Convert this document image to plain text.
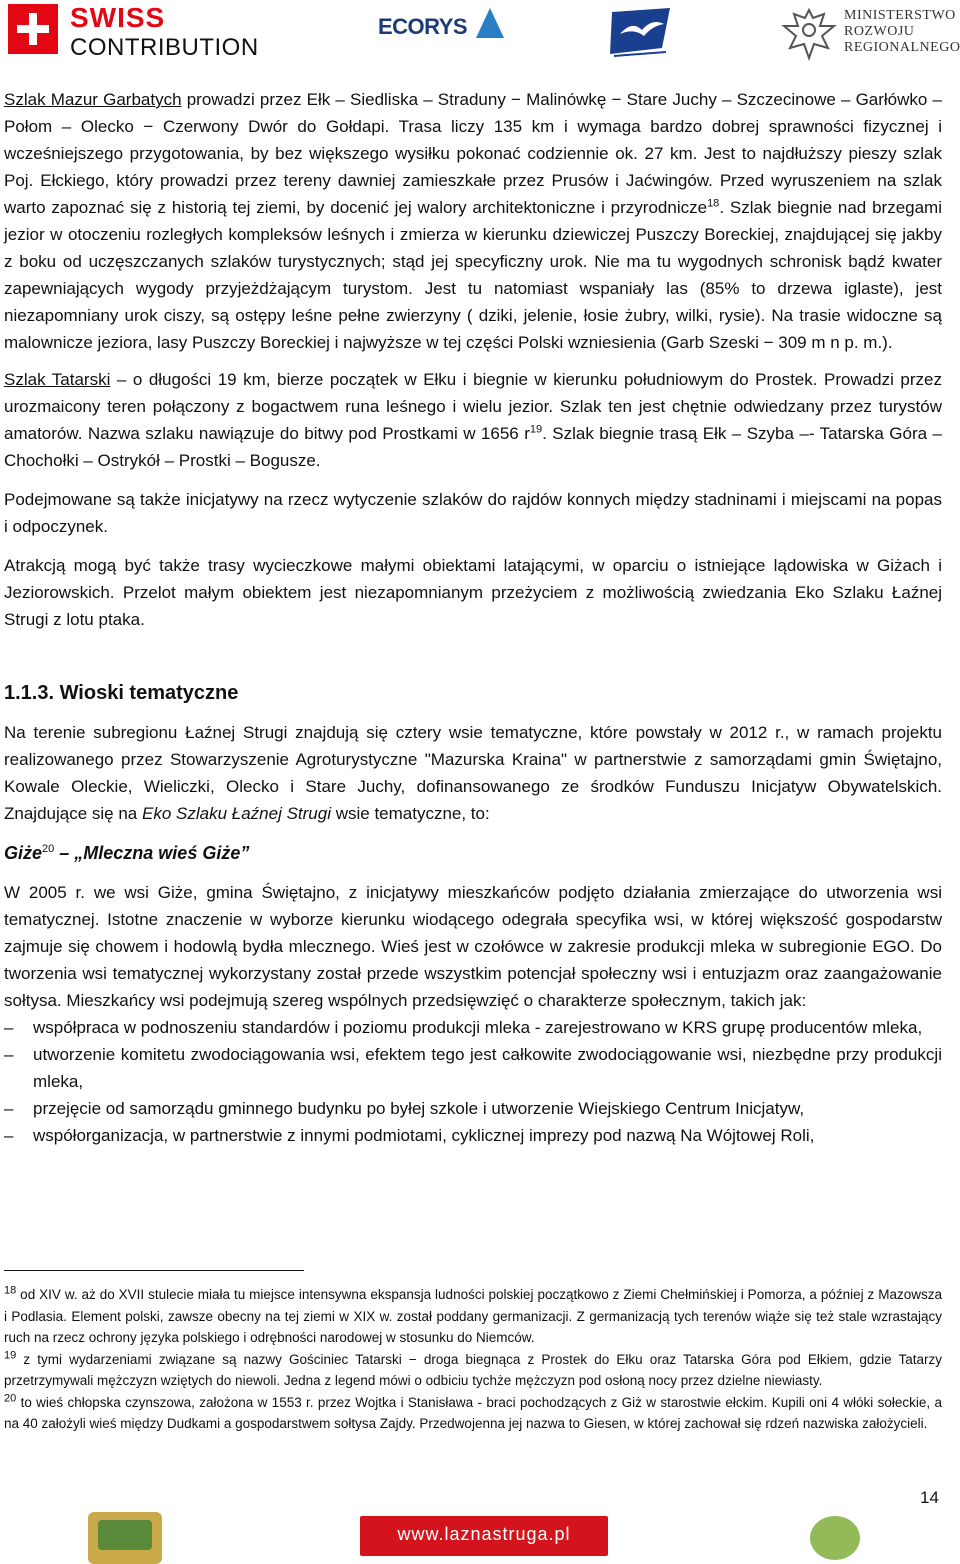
SWISS
CONTRIBUTION
ECORYS	MINISTERSTWO
ROZWOJU
REGIONALNEGO

Szlak Mazur Garbatych prowadzi przez Ełk – Siedliska – Straduny − Malinówkę − Stare Juchy – Szczecinowe – Garłówko – Połom – Olecko − Czerwony Dwór do Gołdapi. Trasa liczy 135 km i wymaga bardzo dobrej sprawności fizycznej i wcześniejszego przygotowania, by bez większego wysiłku pokonać codziennie ok. 27 km. Jest to najdłuższy pieszy szlak Poj. Ełckiego, który prowadzi przez tereny dawniej zamieszkałe przez Prusów i Jaćwingów. Przed wyruszeniem na szlak warto zapoznać się z historią tej ziemi, by docenić jej walory architektoniczne i przyrodnicze$^{18}$. Szlak biegnie nad brzegami jezior w otoczeniu rozległych kompleksów leśnych i zmierza w kierunku dziewiczej Puszczy Boreckiej, znajdującej się jakby z boku od uczęszczanych szlaków turystycznych; stąd jej specyficzny urok. Nie ma tu wygodnych schronisk bądź kwater zapewniających wygody przyjeżdżającym turystom. Jest tu natomiast wspaniały las (85% to drzewa iglaste), jest niezapomniany urok ciszy, są ostępy leśne pełne zwierzyny ( dziki, jelenie, łosie żubry, wilki, rysie). Na trasie widoczne są malownicze jeziora, lasy Puszczy Boreckiej i najwyższe w tej części Polski wzniesienia (Garb Szeski − 309 m n p. m.).

Szlak Tatarski – o długości 19 km, bierze początek w Ełku i biegnie w kierunku południowym do Prostek. Prowadzi przez urozmaicony teren połączony z bogactwem runa leśnego i wielu jezior. Szlak ten jest chętnie odwiedzany przez turystów amatorów. Nazwa szlaku nawiązuje do bitwy pod Prostkami w 1656 $r^{19}$. Szlak biegnie trasą Ełk – Szyba –- Tatarska Góra – Chochołki – Ostrykół – Prostki – Bogusze.

Podejmowane są także inicjatywy na rzecz wytyczenie szlaków do rajdów konnych między stadninami i miejscami na popas i odpoczynek.

Atrakcją mogą być także trasy wycieczkowe małymi obiektami latającymi, w oparciu o istniejące lądowiska w Giżach i Jeziorowskich. Przelot małym obiektem jest niezapomnianym przeżyciem z możliwością zwiedzania Eko Szlaku Łaźnej Strugi z lotu ptaka.

1.1.3. Wioski tematyczne

Na terenie subregionu Łaźnej Strugi znajdują się cztery wsie tematyczne, które powstały w 2012 r., w ramach projektu realizowanego przez Stowarzyszenie Agroturystyczne "Mazurska Kraina" w partnerstwie z samorządami gmin Świętajno, Kowale Oleckie, Wieliczki, Olecko i Stare Juchy, dofinansowanego ze środków Funduszu Inicjatyw Obywatelskich. Znajdujące się na Eko Szlaku Łaźnej Strugi wsie tematyczne, to:

Giże$^{20}$ – „Mleczna wieś Giże”

W 2005 r. we wsi Giże, gmina Świętajno, z inicjatywy mieszkańców podjęto działania zmierzające do utworzenia wsi tematycznej. Istotne znaczenie w wyborze kierunku wiodącego odegrała specyfika wsi, w której większość gospodarstw zajmuje się chowem i hodowlą bydła mlecznego. Wieś jest w czołówce w zakresie produkcji mleka w subregionie EGO. Do tworzenia wsi tematycznej wykorzystany został przede wszystkim potencjał społeczny wsi i entuzjazm oraz zaangażowanie sołtysa. Mieszkańcy wsi podejmują szereg wspólnych przedsięwzięć o charakterze społecznym, takich jak:

– współpraca w podnoszeniu standardów i poziomu produkcji mleka - zarejestrowano w KRS grupę producentów mleka,
– utworzenie komitetu zwodociągowania wsi, efektem tego jest całkowite zwodociągowanie wsi, niezbędne przy produkcji mleka,
– przejęcie od samorządu gminnego budynku po byłej szkole i utworzenie Wiejskiego Centrum Inicjatyw,
– współorganizacja, w partnerstwie z innymi podmiotami, cyklicznej imprezy pod nazwą Na Wójtowej Roli,

$^{18}$ od XIV w. aż do XVII stulecie miała tu miejsce intensywna ekspansja ludności polskiej początkowo z Ziemi Chełmińskiej i Pomorza, a później z Mazowsza i Podlasia. Element polski, zawsze obecny na tej ziemi w XIX w. został poddany germanizacji. Z germanizacją tych terenów wiąże się też stale wzrastający ruch na rzecz ochrony języka polskiego i odrębności narodowej w stosunku do Niemców.

$^{19}$ z tymi wydarzeniami związane są nazwy Gościniec Tatarski − droga biegnąca z Prostek do Ełku oraz Tatarska Góra pod Ełkiem, gdzie Tatarzy przetrzymywali mężczyzn wziętych do niewoli. Jedna z legend mówi o odbiciu tychże mężczyzn pod osłoną nocy przez dzielne niewiasty.

$^{20}$ to wieś chłopska czynszowa, założona w 1553 r. przez Wojtka i Stanisława - braci pochodzących z Giż w starostwie ełckim. Kupili oni 4 włóki sołeckie, a na 40 założyli wieś między Dudkami a gospodarstwem sołtysa Zajdy. Przedwojenna jej nazwa to Giesen, w której zachował się rdzeń nazwiska założycieli.

14
www.laznastruga.pl
